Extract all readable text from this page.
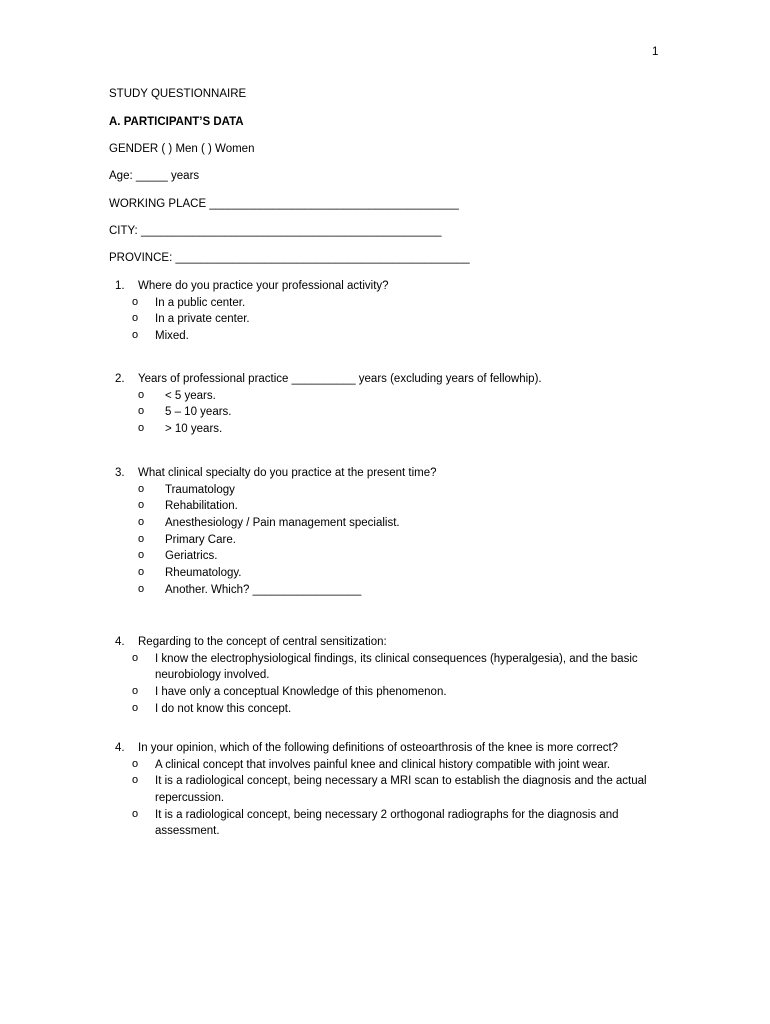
1
STUDY QUESTIONNAIRE
A. PARTICIPANT’S DATA
GENDER ( ) Men ( ) Women
Age: _____ years
WORKING PLACE _______________________________________
CITY: _______________________________________________
PROVINCE: ______________________________________________
1. Where do you practice your professional activity?
o In a public center.
o In a private center.
o Mixed.
2. Years of professional practice __________ years (excluding years of fellowhip).
o < 5 years.
o 5 – 10 years.
o > 10 years.
3. What clinical specialty do you practice at the present time?
o Traumatology
o Rehabilitation.
o Anesthesiology / Pain management specialist.
o Primary Care.
o Geriatrics.
o Rheumatology.
o Another. Which? _________________
4. Regarding to the concept of central sensitization:
o I know the electrophysiological findings, its clinical consequences (hyperalgesia), and the basic neurobiology involved.
o I have only a conceptual Knowledge of this phenomenon.
o I do not know this concept.
4. In your opinion, which of the following definitions of osteoarthrosis of the knee is more correct?
o A clinical concept that involves painful knee and clinical history compatible with joint wear.
o It is a radiological concept, being necessary a MRI scan to establish the diagnosis and the actual repercussion.
o It is a radiological concept, being necessary 2 orthogonal radiographs for the diagnosis and assessment.
